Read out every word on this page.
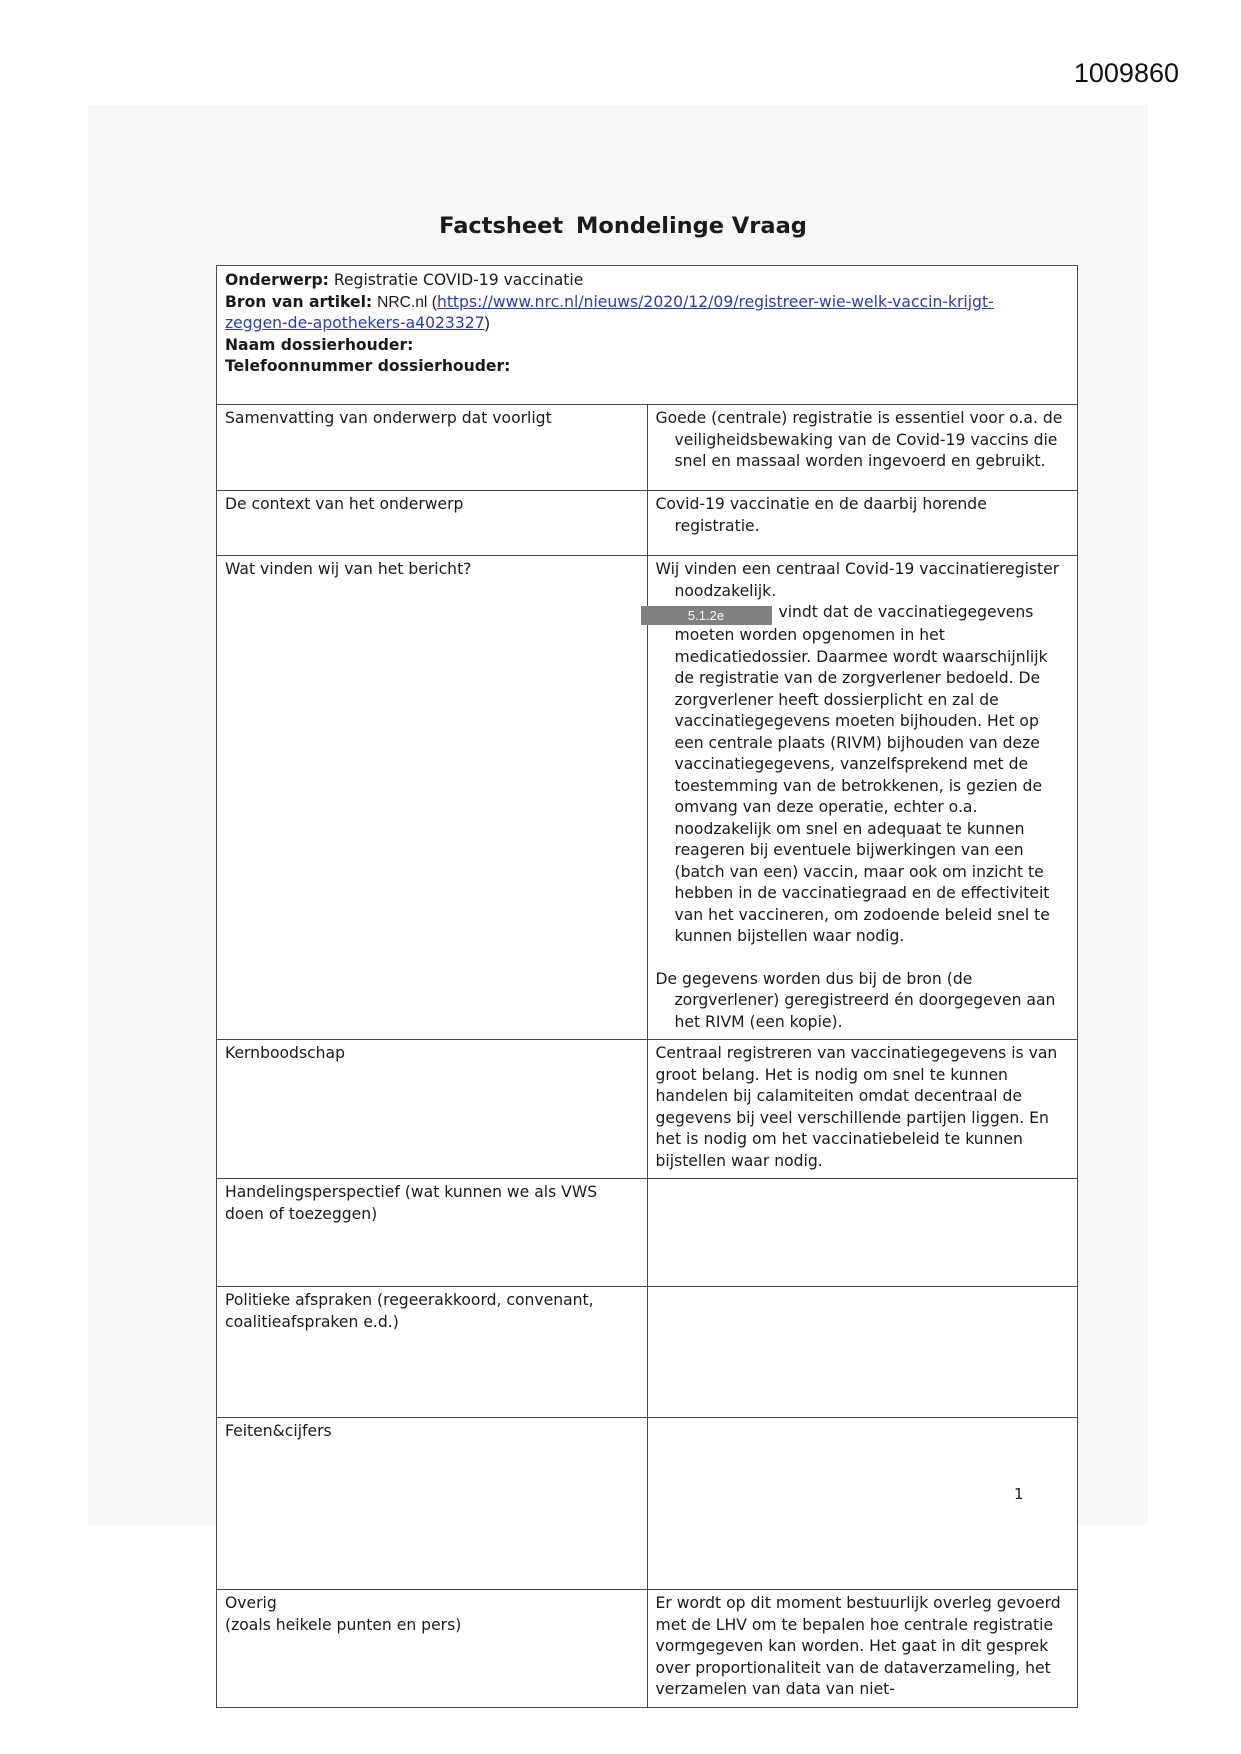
1009860
Factsheet Mondelinge Vraag
Onderwerp: Registratie COVID-19 vaccinatie
Bron van artikel: NRC.nl (https://www.nrc.nl/nieuws/2020/12/09/registreer-wie-welk-vaccin-krijgt-
zeggen-de-apothekers-a4023327)
Naam dossierhouder:
Telefoonnummer dossierhouder:	

Samenvatting van onderwerp dat voorligt	Goede (centrale) registratie is essentiel voor o.a. de veiligheidsbewaking van de Covid-19 vaccins die snel en massaal worden ingevoerd en gebruikt.

De context van het onderwerp	Covid-19 vaccinatie en de daarbij horende registratie.

Wat vinden wij van het bericht?	Wij vinden een centraal Covid-19 vaccinatieregister noodzakelijk.

5.1.2e vindt dat de vaccinatiegegevens moeten worden opgenomen in het medicatiedossier. Daarmee wordt waarschijnlijk de registratie van de zorgverlener bedoeld. De zorgverlener heeft dossierplicht en zal de vaccinatiegegevens moeten bijhouden. Het op een centrale plaats (RIVM) bijhouden van deze vaccinatiegegevens, vanzelfsprekend met de toestemming van de betrokkenen, is gezien de omvang van deze operatie, echter o.a. noodzakelijk om snel en adequaat te kunnen reageren bij eventuele bijwerkingen van een (batch van een) vaccin, maar ook om inzicht te hebben in de vaccinatiegraad en de effectiviteit van het vaccineren, om zodoende beleid snel te kunnen bijstellen waar nodig.

De gegevens worden dus bij de bron (de zorgverlener) geregistreerd én doorgegeven aan het RIVM (een kopie).

Kernboodschap	Centraal registreren van vaccinatiegegevens is van groot belang. Het is nodig om snel te kunnen handelen bij calamiteiten omdat decentraal de gegevens bij veel verschillende partijen liggen. En het is nodig om het vaccinatiebeleid te kunnen bijstellen waar nodig.
Handelingsperspectief (wat kunnen we als VWS doen of toezeggen)	
Politieke afspraken (regeerakkoord, convenant, coalitieafspraken e.d.)	
Feiten&cijfers	

Overig
(zoals heikele punten en pers)	Er wordt op dit moment bestuurlijk overleg gevoerd met de LHV om te bepalen hoe centrale registratie vormgegeven kan worden. Het gaat in dit gesprek over proportionaliteit van de dataverzameling, het verzamelen van data van niet-
1
